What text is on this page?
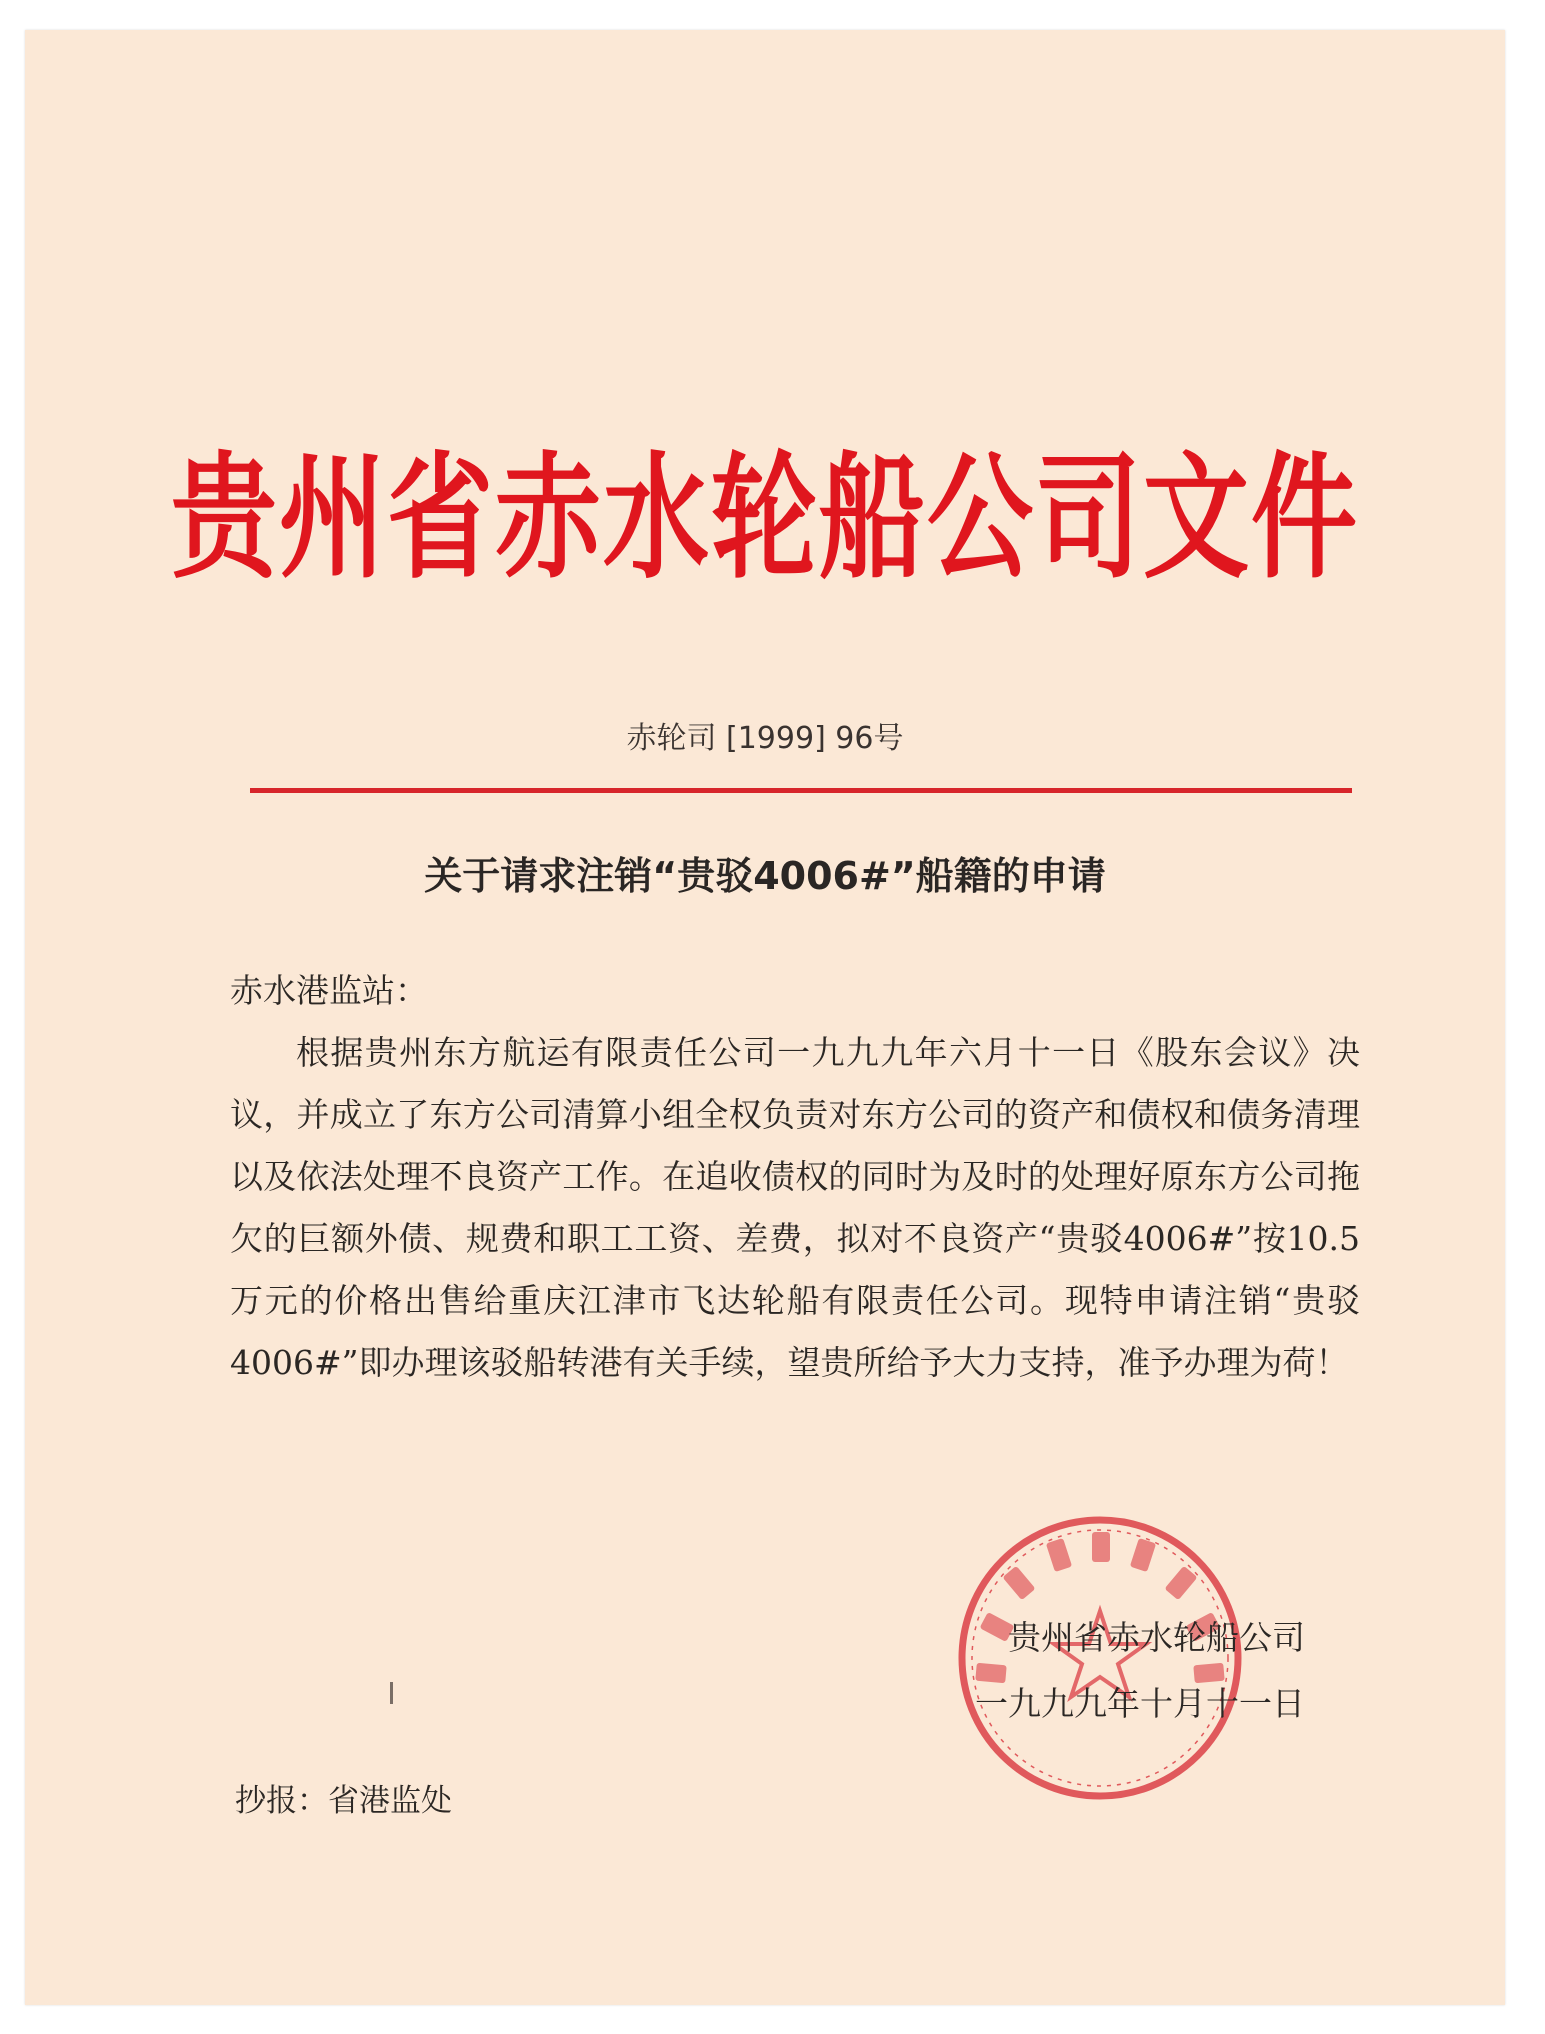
贵州省赤水轮船公司文件
赤轮司 [1999] 96号
关于请求注销“贵驳4006#”船籍的申请

赤水港监站：

根据贵州东方航运有限责任公司一九九九年六月十一日《股东会议》决议，并成立了东方公司清算小组全权负责对东方公司的资产和债权和债务清理以及依法处理不良资产工作。在追收债权的同时为及时的处理好原东方公司拖欠的巨额外债、规费和职工工资、差费，拟对不良资产“贵驳4006#”按10.5万元的价格出售给重庆江津市飞达轮船有限责任公司。现特申请注销“贵驳4006#”即办理该驳船转港有关手续，望贵所给予大力支持，准予办理为荷！

贵州省赤水轮船公司
一九九九年十月十一日
抄报：省港监处
